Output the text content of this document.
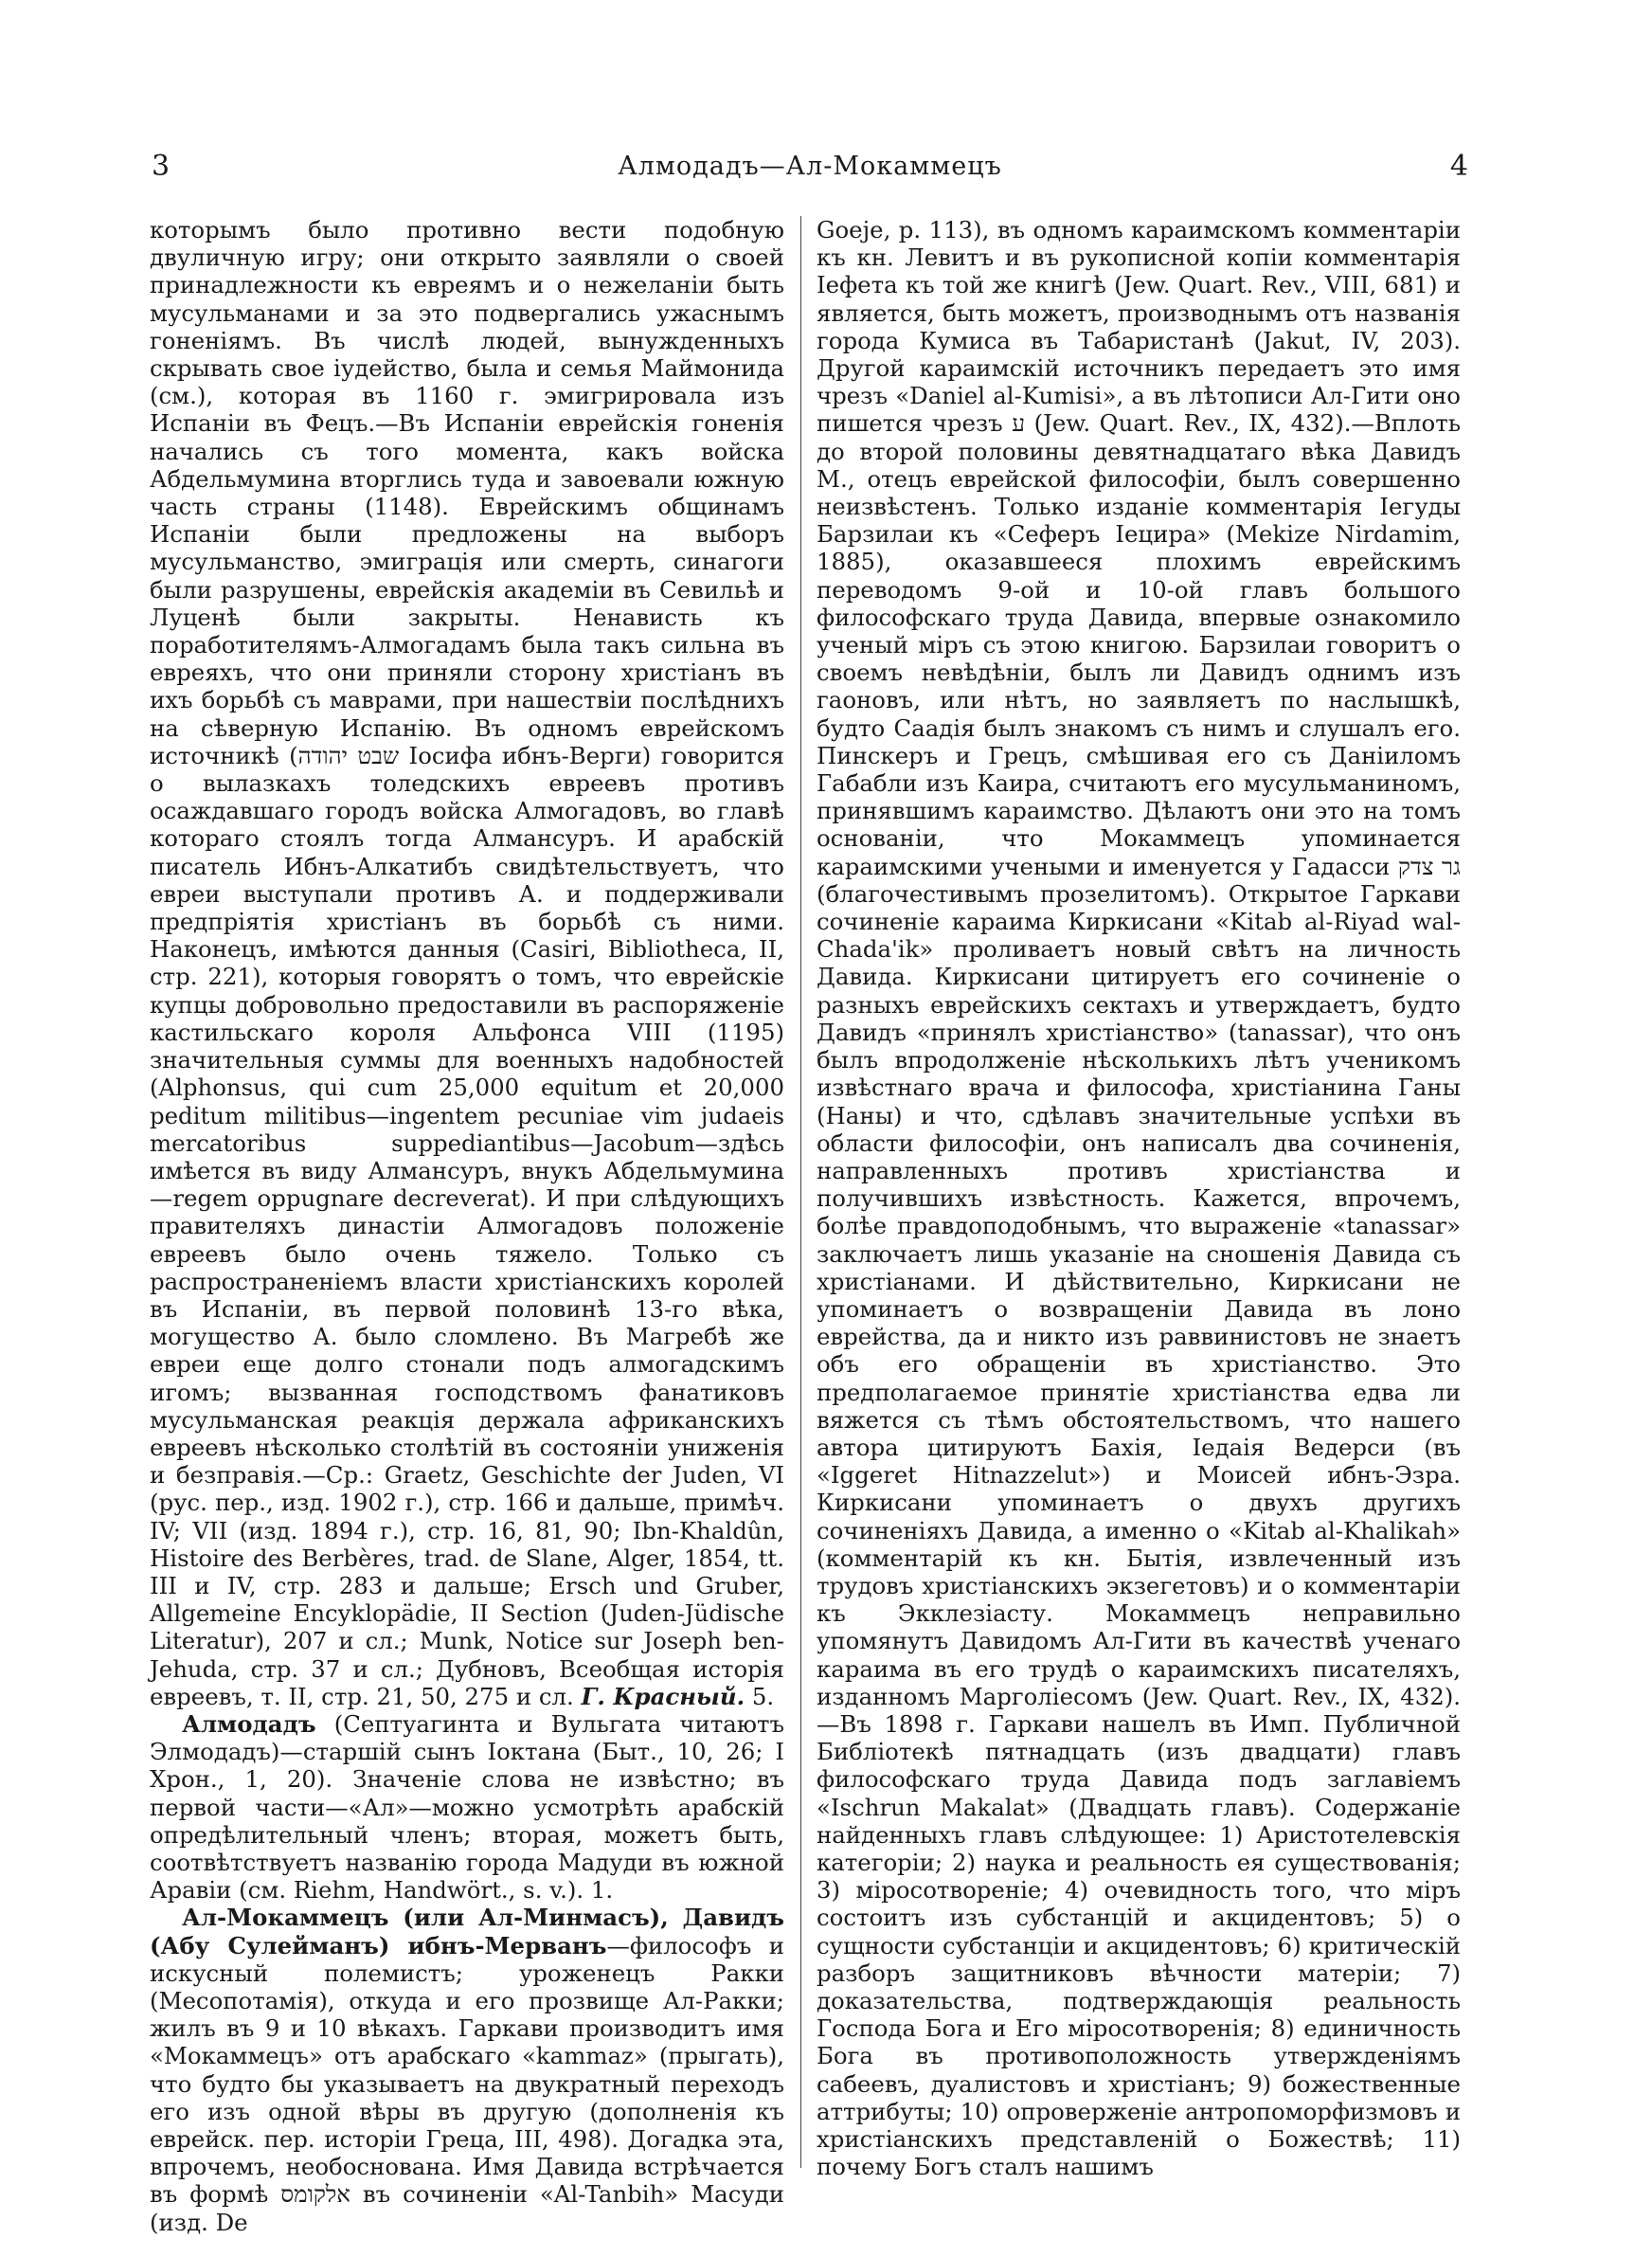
3	Алмодадъ—Ал-Мокаммецъ	4

которымъ было противно вести подобную двуличную игру; они открыто заявляли о своей принадлежности къ евреямъ и о нежеланіи быть мусульманами и за это подвергались ужаснымъ гоненіямъ. Въ числѣ людей, вынужденныхъ скрывать свое іудейство, была и семья Маймонида (см.), которая въ 1160 г. эмигрировала изъ Испаніи въ Фецъ.—Въ Испаніи еврейскія гоненія начались съ того момента, какъ войска Абдельмумина вторглись туда и завоевали южную часть страны (1148). Еврейскимъ общинамъ Испаніи были предложены на выборъ мусульманство, эмиграція или смерть, синагоги были разрушены, еврейскія академіи въ Севильѣ и Луценѣ были закрыты. Ненависть къ поработителямъ-Алмогадамъ была такъ сильна въ евреяхъ, что они приняли сторону христіанъ въ ихъ борьбѣ съ маврами, при нашествіи послѣднихъ на сѣверную Испанію. Въ одномъ еврейскомъ источникѣ (שבט יהודה Іосифа ибнъ-Верги) говорится о вылазкахъ толедскихъ евреевъ противъ осаждавшаго городъ войска Алмогадовъ, во главѣ котораго стоялъ тогда Алмансуръ. И арабскій писатель Ибнъ-Алкатибъ свидѣтельствуетъ, что евреи выступали противъ А. и поддерживали предпріятія христіанъ въ борьбѣ съ ними. Наконецъ, имѣются данныя (Casiri, Bibliotheca, II, стр. 221), которыя говорятъ о томъ, что еврейскіе купцы добровольно предоставили въ распоряженіе кастильскаго короля Альфонса VIII (1195) значительныя суммы для военныхъ надобностей (Alphonsus, qui cum 25,000 equitum et 20,000 peditum militibus—ingentem pecuniae vim judaeis mercatoribus suppediantibus—Jacobum—здѣсь имѣется въ виду Алмансуръ, внукъ Абдельмумина—regem oppugnare decreverat). И при слѣдующихъ правителяхъ династіи Алмогадовъ положеніе евреевъ было очень тяжело. Только съ распространеніемъ власти христіанскихъ королей въ Испаніи, въ первой половинѣ 13-го вѣка, могущество А. было сломлено. Въ Магребѣ же евреи еще долго стонали подъ алмогадскимъ игомъ; вызванная господствомъ фанатиковъ мусульманская реакція держала африканскихъ евреевъ нѣсколько столѣтій въ состояніи униженія и безправія.—Ср.: Graetz, Geschichte der Juden, VI (рус. пер., изд. 1902 г.), стр. 166 и дальше, примѣч. IV; VII (изд. 1894 г.), стр. 16, 81, 90; Ibn-Khaldûn, Histoire des Berbères, trad. de Slane, Alger, 1854, tt. III и IV, стр. 283 и дальше; Ersch und Gruber, Allgemeine Encyklopädie, II Section (Juden-Jüdische Literatur), 207 и сл.; Munk, Notice sur Joseph ben-Jehuda, стр. 37 и сл.; Дубновъ, Всеобщая исторія евреевъ, т. II, стр. 21, 50, 275 и сл. Г. Красный. 5.

Алмодадъ (Септуагинта и Вульгата читаютъ Элмодадъ)—старшій сынъ Іоктана (Быт., 10, 26; I Хрон., 1, 20). Значеніе слова не извѣстно; въ первой части—«Ал»—можно усмотрѣть арабскій опредѣлительный членъ; вторая, можетъ быть, соотвѣтствуетъ названію города Мадуди въ южной Аравіи (см. Riehm, Handwört., s. v.). 1.

Ал-Мокаммецъ (или Ал-Минмасъ), Давидъ (Абу Сулейманъ) ибнъ-Мерванъ—философъ и искусный полемистъ; уроженецъ Ракки (Месопотамія), откуда и его прозвище Ал-Ракки; жилъ въ 9 и 10 вѣкахъ. Гаркави производитъ имя «Мокаммецъ» отъ арабскаго «kammaz» (прыгать), что будто бы указываетъ на двукратный переходъ его изъ одной вѣры въ другую (дополненія къ еврейск. пер. исторіи Греца, III, 498). Догадка эта, впрочемъ, необоснована. Имя Давида встрѣчается въ формѣ אלקומס въ сочиненіи «Al-Tanbih» Масуди (изд. De

Goeje, p. 113), въ одномъ караимскомъ комментаріи къ кн. Левитъ и въ рукописной копіи комментарія Іефета къ той же книгѣ (Jew. Quart. Rev., VIII, 681) и является, быть можетъ, производнымъ отъ названія города Кумиса въ Табаристанѣ (Jakut, IV, 203). Другой караимскій источникъ передаетъ это имя чрезъ «Daniel al-Kumisi», а въ лѣтописи Ал-Гити оно пишется чрезъ ע (Jew. Quart. Rev., IX, 432).—Вплоть до второй половины девятнадцатаго вѣка Давидъ М., отецъ еврейской философіи, былъ совершенно неизвѣстенъ. Только изданіе комментарія Іегуды Барзилаи къ «Сеферъ Іецира» (Mekize Nirdamim, 1885), оказавшееся плохимъ еврейскимъ переводомъ 9-ой и 10-ой главъ большого философскаго труда Давида, впервые ознакомило ученый міръ съ этою книгою. Барзилаи говоритъ о своемъ невѣдѣніи, былъ ли Давидъ однимъ изъ гаоновъ, или нѣтъ, но заявляетъ по наслышкѣ, будто Саадія былъ знакомъ съ нимъ и слушалъ его. Пинскеръ и Грецъ, смѣшивая его съ Даніиломъ Габабли изъ Каира, считаютъ его мусульманиномъ, принявшимъ караимство. Дѣлаютъ они это на томъ основаніи, что Мокаммецъ упоминается караимскими учеными и именуется у Гадасси גר צדק (благочестивымъ прозелитомъ). Открытое Гаркави сочиненіе караима Киркисани «Kitab al-Riyad wal-Chada'ik» проливаетъ новый свѣтъ на личность Давида. Киркисани цитируетъ его сочиненіе о разныхъ еврейскихъ сектахъ и утверждаетъ, будто Давидъ «принялъ христіанство» (tanassar), что онъ былъ впродолженіе нѣсколькихъ лѣтъ ученикомъ извѣстнаго врача и философа, христіанина Ганы (Наны) и что, сдѣлавъ значительные успѣхи въ области философіи, онъ написалъ два сочиненія, направленныхъ противъ христіанства и получившихъ извѣстность. Кажется, впрочемъ, болѣе правдоподобнымъ, что выраженіе «tanassar» заключаетъ лишь указаніе на сношенія Давида съ христіанами. И дѣйствительно, Киркисани не упоминаетъ о возвращеніи Давида въ лоно еврейства, да и никто изъ раввинистовъ не знаетъ объ его обращеніи въ христіанство. Это предполагаемое принятіе христіанства едва ли вяжется съ тѣмъ обстоятельствомъ, что нашего автора цитируютъ Бахія, Іедаія Ведерси (въ «Iggeret Hitnazzelut») и Моисей ибнъ-Эзра. Киркисани упоминаетъ о двухъ другихъ сочиненіяхъ Давида, а именно о «Kitab al-Khalikah» (комментарій къ кн. Бытія, извлеченный изъ трудовъ христіанскихъ экзегетовъ) и о комментаріи къ Экклезіасту. Мокаммецъ неправильно упомянутъ Давидомъ Ал-Гити въ качествѣ ученаго караима въ его трудѣ о караимскихъ писателяхъ, изданномъ Марголіесомъ (Jew. Quart. Rev., IX, 432).—Въ 1898 г. Гаркави нашелъ въ Имп. Публичной Библіотекѣ пятнадцать (изъ двадцати) главъ философскаго труда Давида подъ заглавіемъ «Ischrun Makalat» (Двадцать главъ). Содержаніе найденныхъ главъ слѣдующее: 1) Аристотелевскія категоріи; 2) наука и реальность ея существованія; 3) міросотвореніе; 4) очевидность того, что міръ состоитъ изъ субстанцій и акцидентовъ; 5) о сущности субстанціи и акцидентовъ; 6) критическій разборъ защитниковъ вѣчности матеріи; 7) доказательства, подтверждающія реальность Господа Бога и Его міросотворенія; 8) единичность Бога въ противоположность утвержденіямъ сабеевъ, дуалистовъ и христіанъ; 9) божественные аттрибуты; 10) опроверженіе антропоморфизмовъ и христіанскихъ представленій о Божествѣ; 11) почему Богъ сталъ нашимъ
